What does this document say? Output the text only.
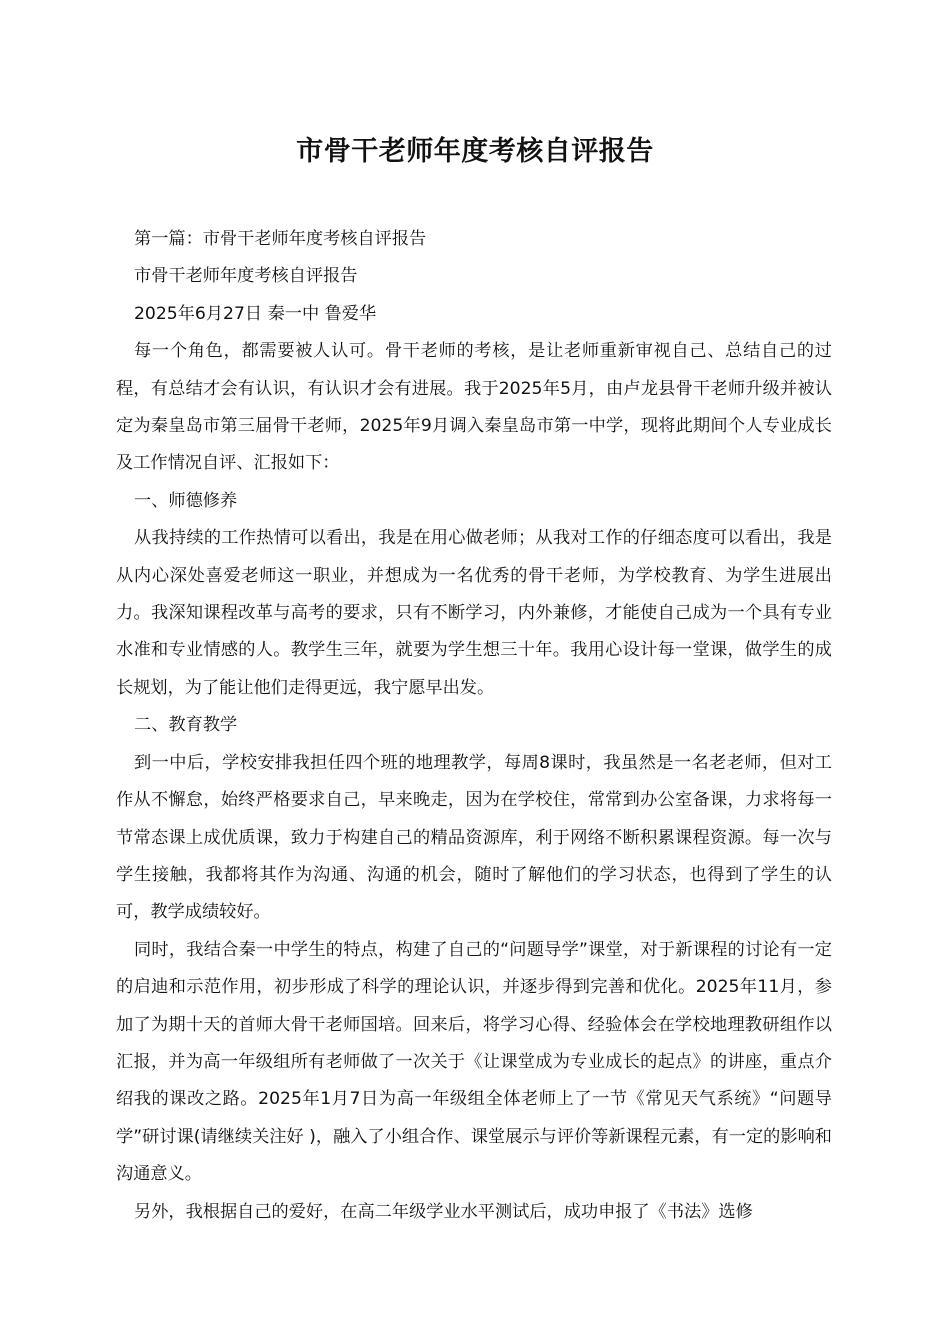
市骨干老师年度考核自评报告

第一篇：市骨干老师年度考核自评报告

市骨干老师年度考核自评报告

2025年6月27日 秦一中 鲁爱华

每一个角色，都需要被人认可。骨干老师的考核，是让老师重新审视自己、总结自己的过程，有总结才会有认识，有认识才会有进展。我于2025年5月，由卢龙县骨干老师升级并被认定为秦皇岛市第三届骨干老师，2025年9月调入秦皇岛市第一中学，现将此期间个人专业成长及工作情况自评、汇报如下：

一、师德修养

从我持续的工作热情可以看出，我是在用心做老师；从我对工作的仔细态度可以看出，我是从内心深处喜爱老师这一职业，并想成为一名优秀的骨干老师，为学校教育、为学生进展出力。我深知课程改革与高考的要求，只有不断学习，内外兼修，才能使自己成为一个具有专业水准和专业情感的人。教学生三年，就要为学生想三十年。我用心设计每一堂课，做学生的成长规划，为了能让他们走得更远，我宁愿早出发。

二、教育教学

到一中后，学校安排我担任四个班的地理教学，每周8课时，我虽然是一名老老师，但对工作从不懈怠，始终严格要求自己，早来晚走，因为在学校住，常常到办公室备课，力求将每一节常态课上成优质课，致力于构建自己的精品资源库，利于网络不断积累课程资源。每一次与学生接触，我都将其作为沟通、沟通的机会，随时了解他们的学习状态，也得到了学生的认可，教学成绩较好。

同时，我结合秦一中学生的特点，构建了自己的“问题导学”课堂，对于新课程的讨论有一定的启迪和示范作用，初步形成了科学的理论认识，并逐步得到完善和优化。2025年11月，参加了为期十天的首师大骨干老师国培。回来后，将学习心得、经验体会在学校地理教研组作以汇报，并为高一年级组所有老师做了一次关于《让课堂成为专业成长的起点》的讲座，重点介绍我的课改之路。2025年1月7日为高一年级组全体老师上了一节《常见天气系统》“问题导学”研讨课(请继续关注好 )，融入了小组合作、课堂展示与评价等新课程元素，有一定的影响和沟通意义。

另外，我根据自己的爱好，在高二年级学业水平测试后，成功申报了《书法》选修
